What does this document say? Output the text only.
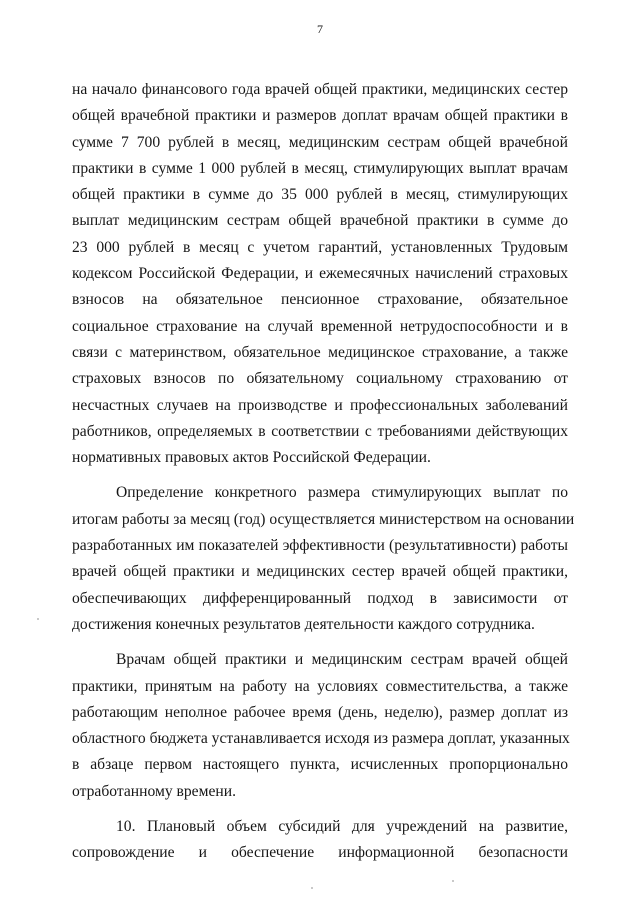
7
на начало финансового года врачей общей практики, медицинских сестер
общей врачебной практики и размеров доплат врачам общей практики в
сумме 7 700 рублей в месяц, медицинским сестрам общей врачебной
практики в сумме 1 000 рублей в месяц, стимулирующих выплат врачам
общей практики в сумме до 35 000 рублей в месяц, стимулирующих
выплат медицинским сестрам общей врачебной практики в сумме до
23 000 рублей в месяц с учетом гарантий, установленных Трудовым
кодексом Российской Федерации, и ежемесячных начислений страховых
взносов на обязательное пенсионное страхование, обязательное
социальное страхование на случай временной нетрудоспособности и в
связи с материнством, обязательное медицинское страхование, а также
страховых взносов по обязательному социальному страхованию от
несчастных случаев на производстве и профессиональных заболеваний
работников, определяемых в соответствии с требованиями действующих
нормативных правовых актов Российской Федерации.
Определение конкретного размера стимулирующих выплат по
итогам работы за месяц (год) осуществляется министерством на основании
разработанных им показателей эффективности (результативности) работы
врачей общей практики и медицинских сестер врачей общей практики,
обеспечивающих дифференцированный подход в зависимости от
достижения конечных результатов деятельности каждого сотрудника.
Врачам общей практики и медицинским сестрам врачей общей
практики, принятым на работу на условиях совместительства, а также
работающим неполное рабочее время (день, неделю), размер доплат из
областного бюджета устанавливается исходя из размера доплат, указанных
в абзаце первом настоящего пункта, исчисленных пропорционально
отработанному времени.
10. Плановый объем субсидий для учреждений на развитие,
сопровождение и обеспечение информационной безопасности
